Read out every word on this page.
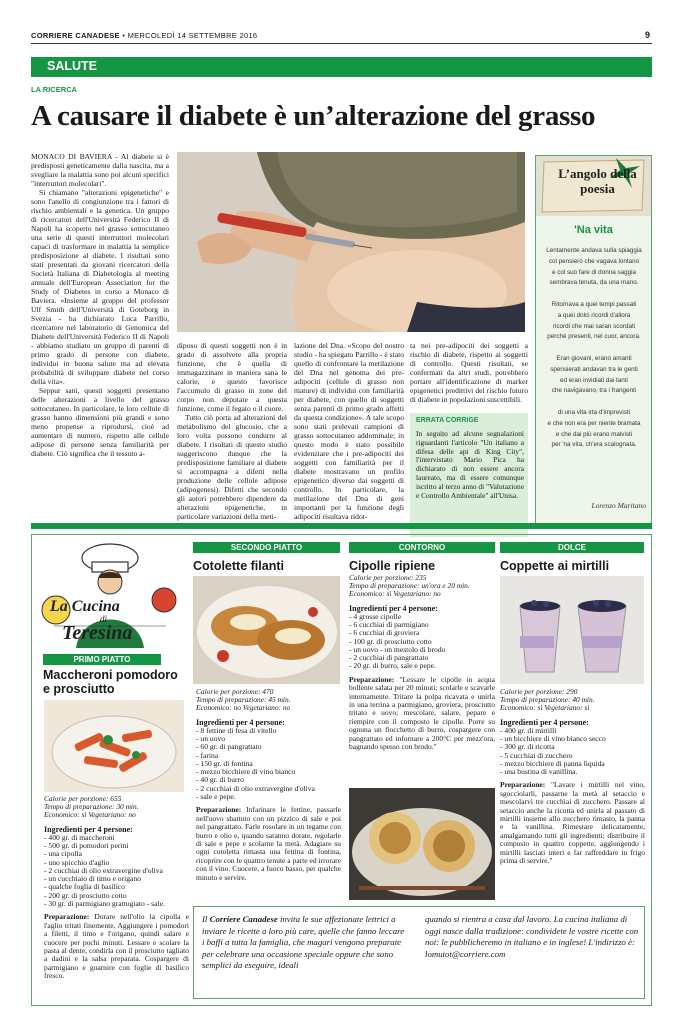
CORRIERE CANADESE • MERCOLEDÌ 14 SETTEMBRE 2016	9
SALUTE
LA RICERCA
A causare il diabete è un’alterazione del grasso

MONACO DI BAVIERA - Al diabete si è predisposti geneticamente dalla nascita, ma a svegliare la malattia sono poi alcuni specifici "interruttori molecolari".

Si chiamano "alterazioni epigenetiche" e sono l'anello di congiunzione tra i fattori di rischio ambientali e la genetica. Un gruppo di ricercatori dell'Università Federico II di Napoli ha scoperto nel grasso sottocutaneo una serie di questi interruttori molecolari capaci di trasformare in malattia la semplice predisposizione al diabete. I risultati sono stati presentati da giovani ricercatori della Società Italiana di Diabetologia al meeting annuale dell'European Association for the Study of Diabetes in corso a Monaco di Baviera. «Insieme al gruppo del professor Ulf Smith dell'Università di Goteborg in Svezia - ha dichiarato Luca Parrillo, ricercatore nel laboratorio di Genomica del Diabete dell'Università Federico II di Napoli - abbiamo studiato un gruppo di parenti di primo grado di persone con diabete, individui in buona salute ma ad elevata probabilità di sviluppare diabete nel corso della vita».

Seppur sani, questi soggetti presentano delle alterazioni a livello del grasso sottocutaneo. In particolare, le loro cellule di grasso hanno dimensioni più grandi e sono meno propense a riprodursi, cioè ad aumentare di numero, rispetto alle cellule adipose di persone senza familiarità per diabete. Ciò significa che il tessuto a-

diposo di questi soggetti non è in grado di assolvere alla propria funzione, che è quella di immagazzinare in maniera sana le calorie, e questo favorisce l'accumulo di grasso in zone del corpo non deputate a questa funzione, come il fegato o il cuore.

Tutto ciò porta ad alterazioni del metabolismo del glucosio, che a loro volta possono condurre al diabete. I risultati di questo studio suggeriscono dunque che la predisposizione familiare al diabete si accompagna a difetti nella produzione delle cellule adipose (adipogenesi). Difetti che secondo gli autori potrebbero dipendere da alterazioni epigenetiche, in particolare variazioni della meti-

lazione del Dna. «Scopo del nostro studio - ha spiegato Parrillo - è stato quello di confrontare la metilazione del Dna nel genoma dei pre-adipociti (cellule di grasso non mature) di individui con familiarità per diabete, con quello di soggetti senza parenti di primo grado affetti da questa condizione». A tale scopo sono stati prelevati campioni di grasso sottocutaneo addominale; in questo modo è stato possibile evidenziare che i pre-adipociti dei soggetti con familiarità per il diabete mostravano un profilo epigenetico diverso dai soggetti di controllo. In particolare, la metilazione del Dna di geni importanti per la funzione degli adipociti risultava ridot-

ta nei pre-adipociti dei soggetti a rischio di diabete, rispetto ai soggetti di controllo. Questi risultati, se confermati da altri studi, potrebbero portare all'identificazione di marker epigenetici predittivi del rischio futuro di diabete in popolazioni suscettibili.

ERRATA CORRIGE
In seguito ad alcune segnalazioni riguardanti l'articolo "Un italiano a difesa delle api di King City", l'intervistato Mario Pica ha dichiarato di non essere ancora laureato, ma di essere comunque iscritto al terzo anno di "Valutazione e Controllo Ambientale" all'Unisa.
L’angolo della poesia
'Na vita
Lentamente andava sulla spiaggia
col pensiero che vagava lontano
e col suo fare di donna saggia
sembrava tenuta, da una mano.

Ritornava a quei tempi passati
a quei dolci ricordi d'allora
ricordi che mai saran scordati
perché presenti, nel cuor, ancora.

Eran giovani, erano amanti
spensierati andavan tra le genti
ed eran invidiati dai tanti
che navigavano, tra i frangenti

di una vita irta d'imprevisti
e che non era per niente bramata
e che dai più erano malvisti
per 'na vita, ch'era scalognata.
Lorenzo Maritano
La Cucina
di
Teresina
PRIMO PIATTO
Maccheroni pomodoro e prosciutto
Calorie per porzione: 655
Tempo di preparazione: 30 min.
Economico: sì Vegetariano: no
Ingredienti per 4 persone:
- 400 gr. di maccheroni
- 500 gr. di pomodori perini
- una cipolla
- uno spicchio d'aglio
- 2 cucchiai di olio extravergine d'oliva
- un cucchiaio di timo e origano
- qualche foglia di basilico
- 200 gr. di prosciutto cotto
- 30 gr. di parmigiano grattugiato - sale.
Preparazione: Dorare nell'olio la cipolla e l'aglio tritati finemente. Aggiungere i pomodori a filetti, il timo e l'origano, quindi salare e cuocere per pochi minuti. Lessare e scolare la pasta al dente, condirla con il prosciutto tagliato a dadini e la salsa preparata. Cospargere di parmigiano e guarnire con foglie di basilico fresco.
SECONDO PIATTO
Cotolette filanti
Calorie per porzione: 470
Tempo di preparazione: 45 min.
Economico: no Vegetariano: no
Ingredienti per 4 persone:
- 8 fettine di fesa di vitello
- un uovo
- 60 gr. di pangrattato
- farina
- 150 gr. di fontina
- mezzo bicchiere di vino bianco
- 40 gr. di burro
- 2 cucchiai di olio extravergine d'oliva
- sale e pepe.
Preparazione: Infarinare le fettine, passarle nell'uovo sbattuto con un pizzico di sale e poi nel pangrattato. Farle rosolare in un tegame con burro e olio e, quando saranno dorate, regolarle di sale e pepe e scolarne la metà. Adagiare su ogni cotoletta rimasta una fettina di fontina, ricoprire con le quattro tenute a parte ed irrorare con il vino. Cuocere, a fuoco basso, per qualche minuto e servire.
CONTORNO
Cipolle ripiene
Calorie per porzione: 235
Tempo di preparazione: un'ora e 20 min.
Economico: sì Vegetariano: no
Ingredienti per 4 persone:
- 4 grosse cipolle
- 6 cucchiai di parmigiano
- 6 cucchiai di groviera
- 100 gr. di prosciutto cotto
- un uovo - un mestolo di brodo
- 2 cucchiai di pangrattato
- 20 gr. di burro, sale e pepe.
Preparazione: "Lessare le cipolle in acqua bollente salata per 20 minuti; scolarle e scavarle internamente. Tritare la polpa ricavata e unirla in una terrina a parmigiano, groviera, prosciutto tritato e uovo; mescolare, salare, pepare e riempire con il composto le cipolle. Porre su ognuna un fiocchetto di burro, cospargere con pangrattato ed infornare a 200°C per mezz'ora, bagnando spesso con brodo."
DOLCE
Coppette ai mirtilli
Calorie per porzione: 290
Tempo di preparazione: 40 min.
Economico: sì Vegetariano: sì
Ingredienti per 4 persone:
- 400 gr. di mirtilli
- un bicchiere di vino bianco secco
- 300 gr. di ricotta
- 5 cucchiai di zucchero
- mezzo bicchiere di panna liquida
- una bustina di vanillina.
Preparazione: "Lavare i mirtilli nel vino, sgocciolarli, passarne la metà al setaccio e mescolarvi tre cucchiai di zucchero. Passare al setaccio anche la ricotta ed unirla al passato di mirtilli insieme allo zucchero rimasto, la panna e la vanillina. Rimestare delicatamente, amalgamando tutti gli ingredienti; distribuire il composto in quattro coppette, aggiungendo i mirtilli lasciati interi e far raffreddare in frigo prima di servire."
Il Corriere Canadese invita le sue affezionate lettrici a inviare le ricette a loro più care, quelle che fanno leccare i baffi a tutta la famiglia, che magari vengono preparate per celebrare una occasione speciale oppure che sono semplici da eseguire, ideali
quando si rientra a casa dal lavoro. La cucina italiana di oggi nasce dalla tradizione: condividete le vostre ricette con noi: le pubblicheremo in italiano e in inglese! L'indirizzo è: lomutot@corriere.com
